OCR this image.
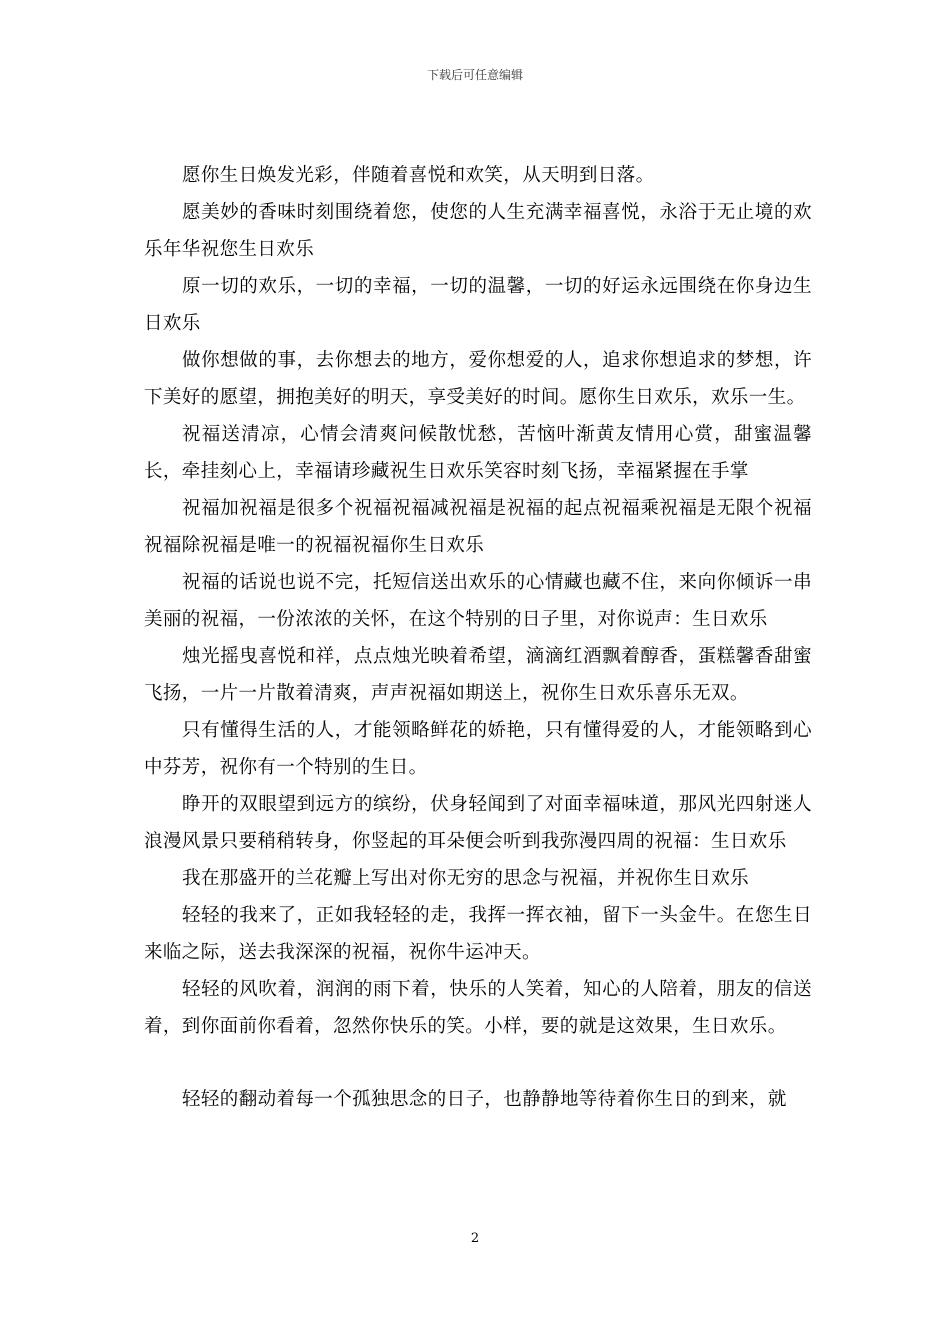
下载后可任意编辑

愿你生日焕发光彩，伴随着喜悦和欢笑，从天明到日落。

愿美妙的香味时刻围绕着您，使您的人生充满幸福喜悦，永浴于无止境的欢乐年华祝您生日欢乐

原一切的欢乐，一切的幸福，一切的温馨，一切的好运永远围绕在你身边生日欢乐

做你想做的事，去你想去的地方，爱你想爱的人，追求你想追求的梦想，许下美好的愿望，拥抱美好的明天，享受美好的时间。愿你生日欢乐，欢乐一生。

祝福送清凉，心情会清爽问候散忧愁，苦恼叶渐黄友情用心赏，甜蜜温馨长，牵挂刻心上，幸福请珍藏祝生日欢乐笑容时刻飞扬，幸福紧握在手掌

祝福加祝福是很多个祝福祝福减祝福是祝福的起点祝福乘祝福是无限个祝福祝福除祝福是唯一的祝福祝福你生日欢乐

祝福的话说也说不完，托短信送出欢乐的心情藏也藏不住，来向你倾诉一串美丽的祝福，一份浓浓的关怀，在这个特别的日子里，对你说声：生日欢乐

烛光摇曳喜悦和祥，点点烛光映着希望，滴滴红酒飘着醇香，蛋糕馨香甜蜜飞扬，一片一片散着清爽，声声祝福如期送上，祝你生日欢乐喜乐无双。

只有懂得生活的人，才能领略鲜花的娇艳，只有懂得爱的人，才能领略到心中芬芳，祝你有一个特别的生日。

睁开的双眼望到远方的缤纷，伏身轻闻到了对面幸福味道，那风光四射迷人浪漫风景只要稍稍转身，你竖起的耳朵便会听到我弥漫四周的祝福：生日欢乐

我在那盛开的兰花瓣上写出对你无穷的思念与祝福，并祝你生日欢乐

轻轻的我来了，正如我轻轻的走，我挥一挥衣袖，留下一头金牛。在您生日来临之际，送去我深深的祝福，祝你牛运冲天。

轻轻的风吹着，润润的雨下着，快乐的人笑着，知心的人陪着，朋友的信送着，到你面前你看着，忽然你快乐的笑。小样，要的就是这效果，生日欢乐。

轻轻的翻动着每一个孤独思念的日子，也静静地等待着你生日的到来，就

2
